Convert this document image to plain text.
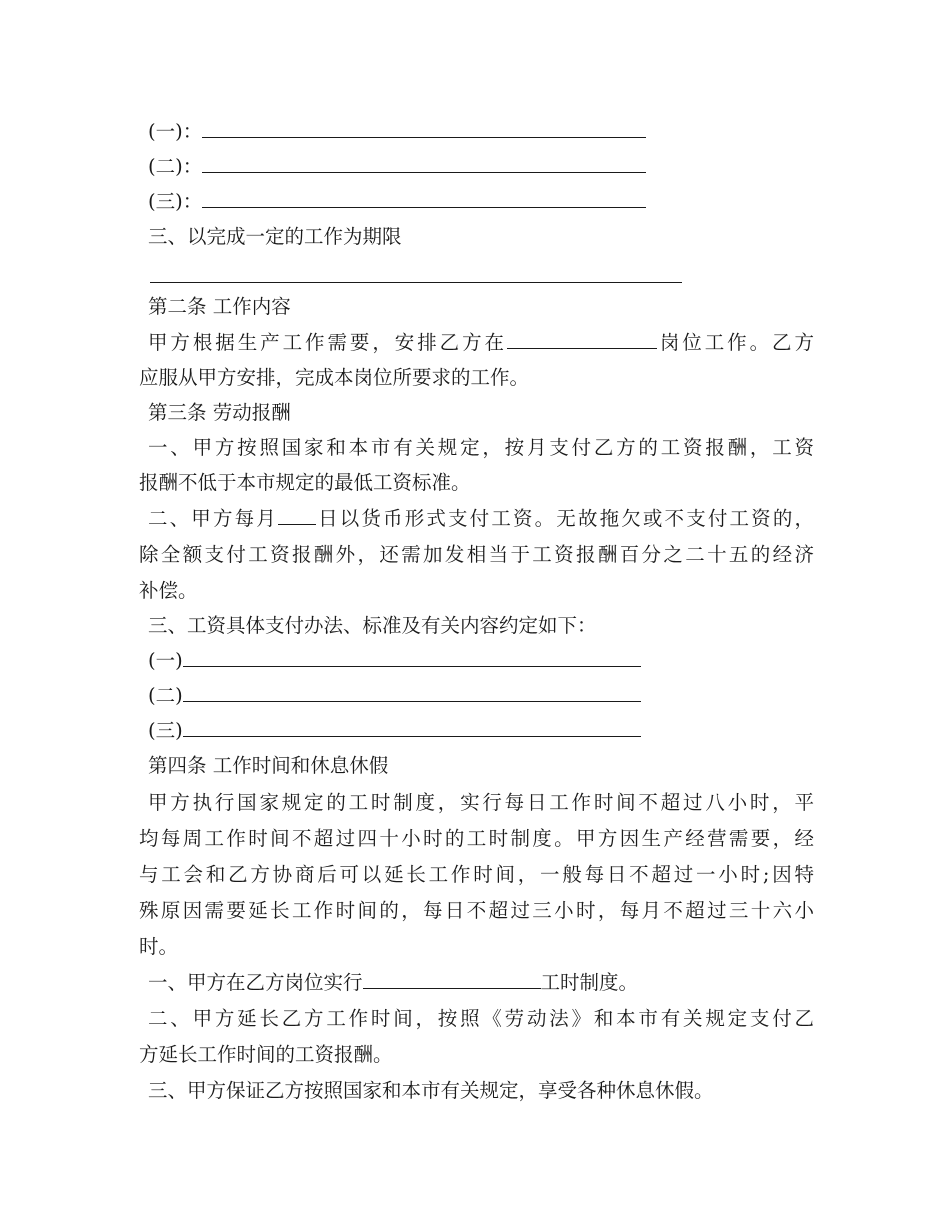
(一)：
(二)：
(三)：
三、以完成一定的工作为期限
第二条 工作内容
甲方根据生产工作需要，安排乙方在	岗位工作。乙方
应服从甲方安排，完成本岗位所要求的工作。
第三条 劳动报酬
一、甲方按照国家和本市有关规定，按月支付乙方的工资报酬，工资
报酬不低于本市规定的最低工资标准。
二、甲方每月 日以货币形式支付工资。无故拖欠或不支付工资的，
除全额支付工资报酬外，还需加发相当于工资报酬百分之二十五的经济
补偿。
三、工资具体支付办法、标准及有关内容约定如下：
(一)
(二)
(三)
第四条 工作时间和休息休假
甲方执行国家规定的工时制度，实行每日工作时间不超过八小时，平
均每周工作时间不超过四十小时的工时制度。甲方因生产经营需要，经
与工会和乙方协商后可以延长工作时间，一般每日不超过一小时;因特
殊原因需要延长工作时间的，每日不超过三小时，每月不超过三十六小
时。
一、甲方在乙方岗位实行	工时制度。
二、甲方延长乙方工作时间，按照《劳动法》和本市有关规定支付乙
方延长工作时间的工资报酬。
三、甲方保证乙方按照国家和本市有关规定，享受各种休息休假。
